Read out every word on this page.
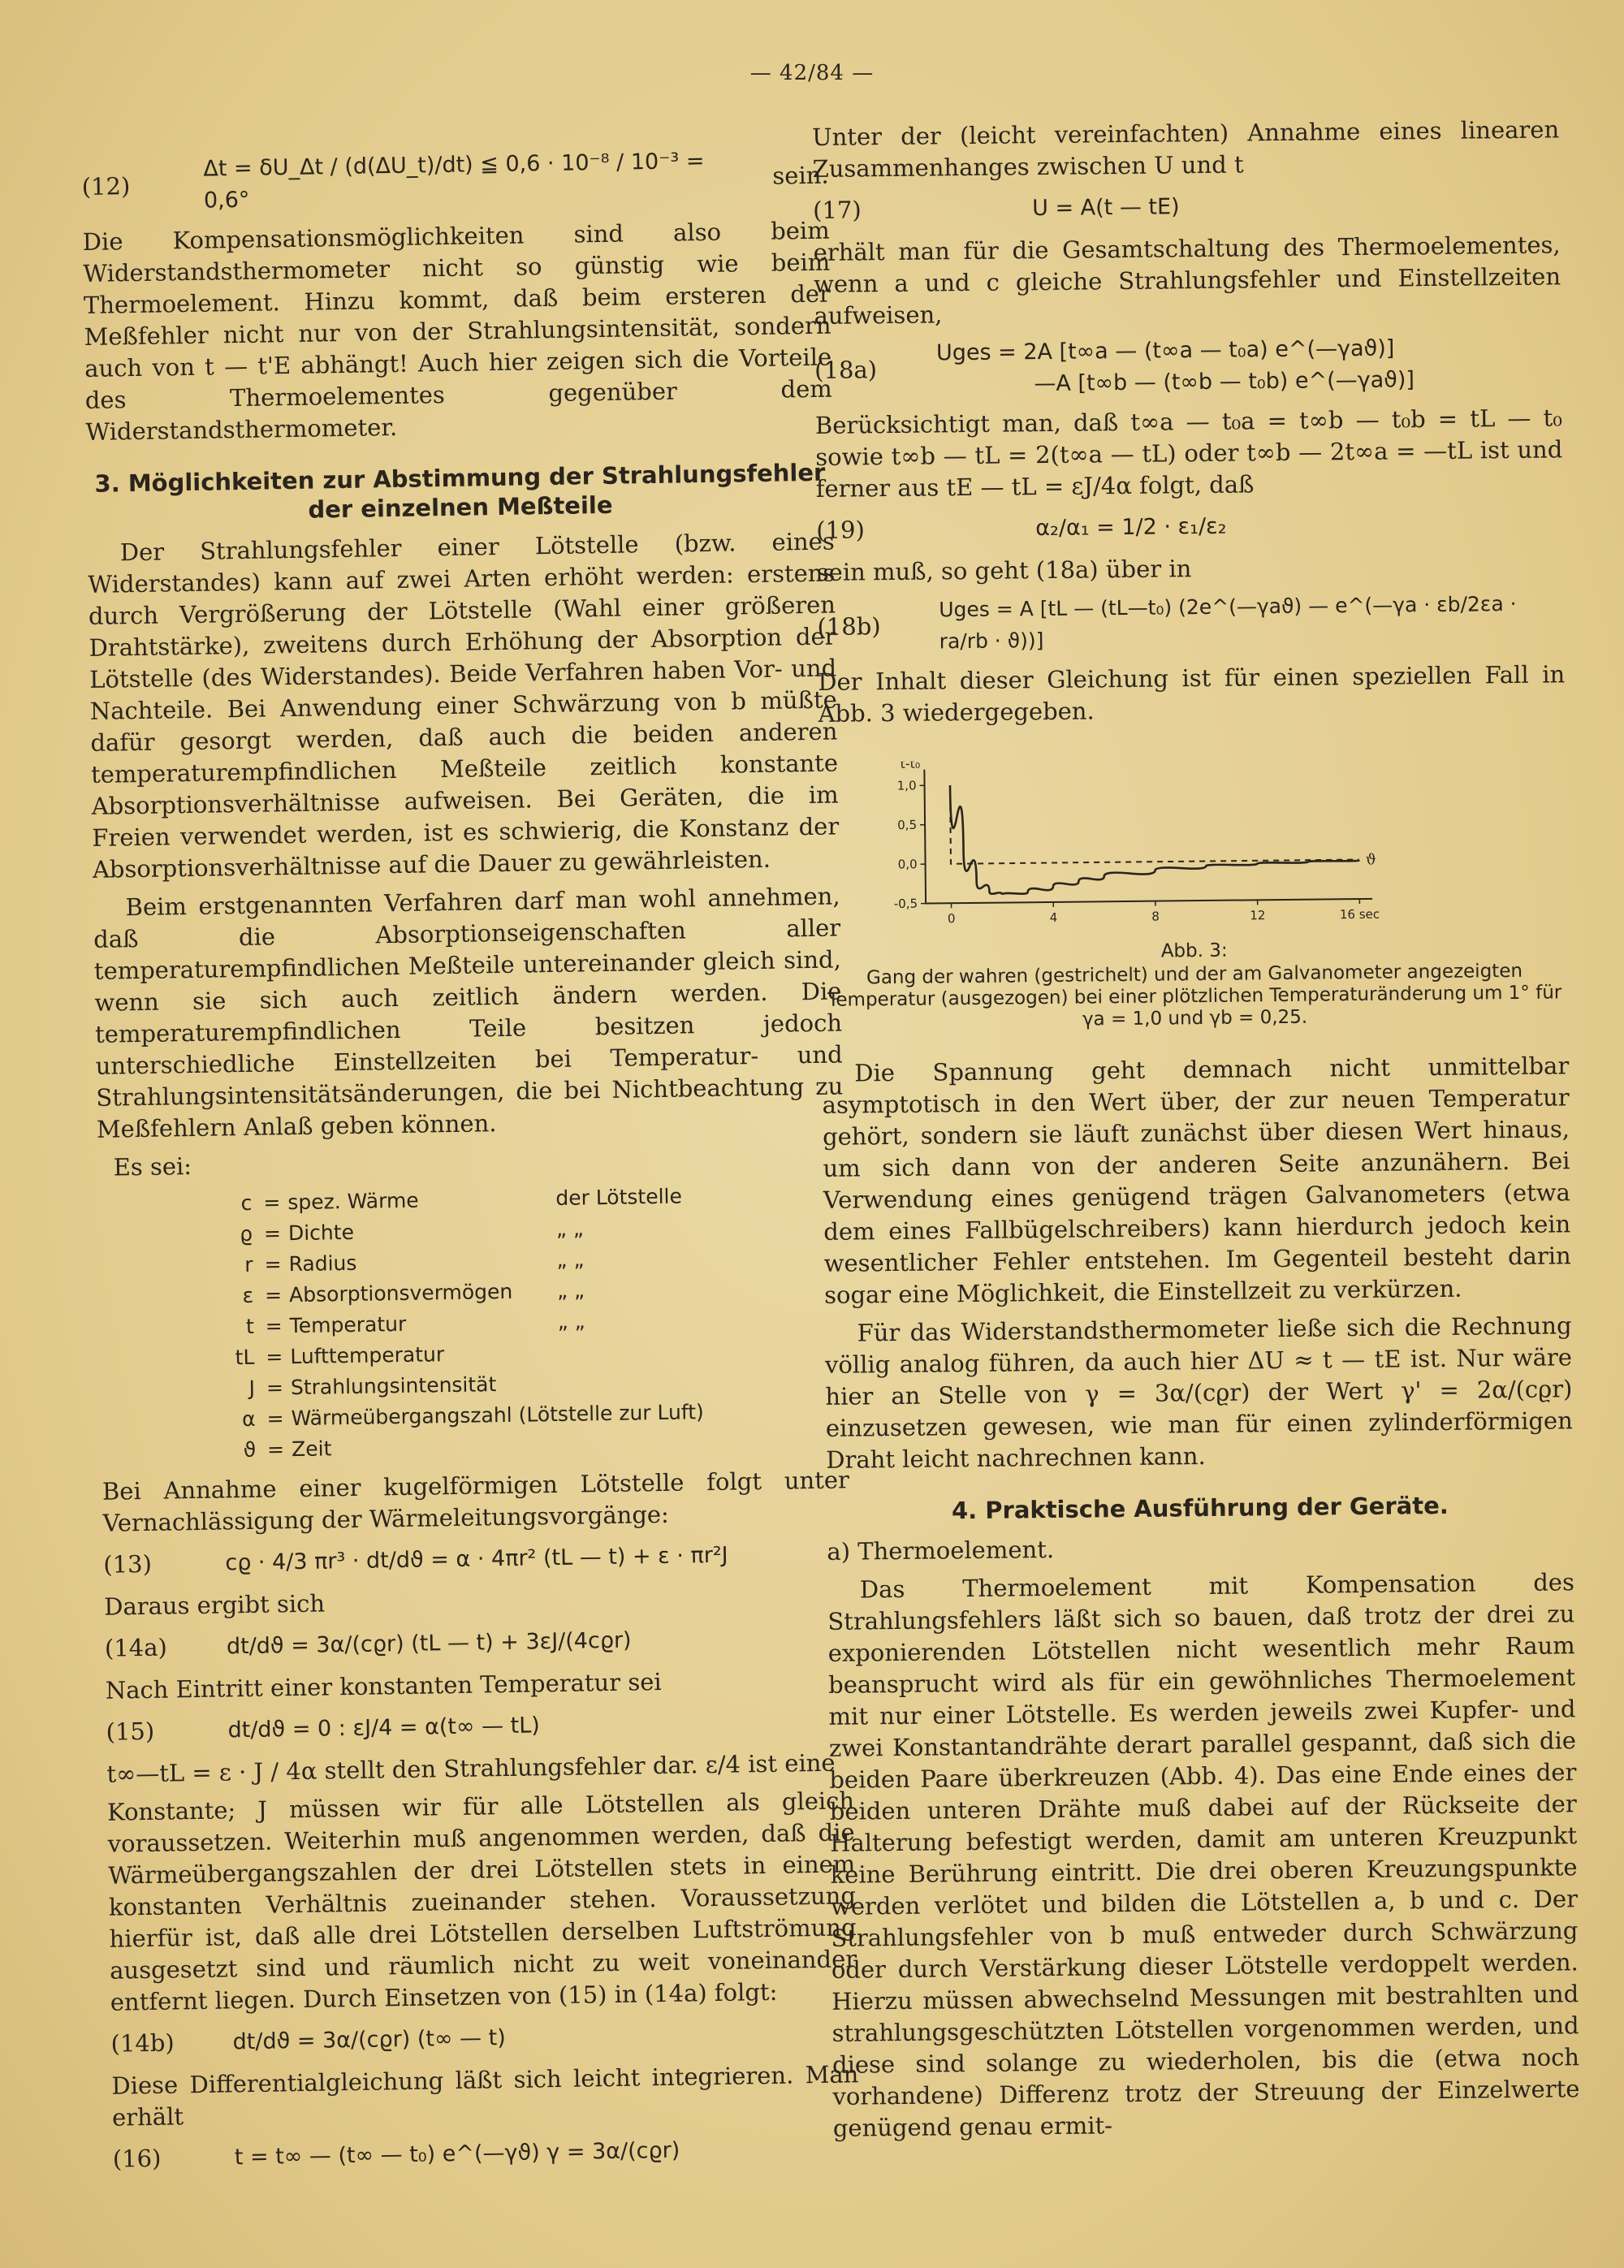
— 42/84 —
(12)
Δt = δU_Δt / (d(ΔU_t)/dt) ≦ 0,6 · 10⁻⁸ / 10⁻³ = 0,6°
sein.

Die Kompensationsmöglichkeiten sind also beim Widerstandsthermometer nicht so günstig wie beim Thermoelement. Hinzu kommt, daß beim ersteren der Meßfehler nicht nur von der Strahlungsintensität, sondern auch von t — t'E abhängt! Auch hier zeigen sich die Vorteile des Thermoelementes gegenüber dem Widerstandsthermometer.

3. Möglichkeiten zur Abstimmung der Strahlungsfehler der einzelnen Meßteile

Der Strahlungsfehler einer Lötstelle (bzw. eines Widerstandes) kann auf zwei Arten erhöht werden: erstens durch Vergrößerung der Lötstelle (Wahl einer größeren Drahtstärke), zweitens durch Erhöhung der Absorption der Lötstelle (des Widerstandes). Beide Verfahren haben Vor- und Nachteile. Bei Anwendung einer Schwärzung von b müßte dafür gesorgt werden, daß auch die beiden anderen temperaturempfindlichen Meßteile zeitlich konstante Absorptionsverhältnisse aufweisen. Bei Geräten, die im Freien verwendet werden, ist es schwierig, die Konstanz der Absorptionsverhältnisse auf die Dauer zu gewährleisten.

Beim erstgenannten Verfahren darf man wohl annehmen, daß die Absorptionseigenschaften aller temperaturempfindlichen Meßteile untereinander gleich sind, wenn sie sich auch zeitlich ändern werden. Die temperaturempfindlichen Teile besitzen jedoch unterschiedliche Einstellzeiten bei Temperatur- und Strahlungsintensitätsänderungen, die bei Nichtbeachtung zu Meßfehlern Anlaß geben können.

Es sei:

c = spez. Wärme	der Lötstelle
ϱ = Dichte	„ „
r = Radius	„ „
ε = Absorptionsvermögen	„ „
t = Temperatur	„ „
tL = Lufttemperatur
J = Strahlungsintensität
α = Wärmeübergangszahl (Lötstelle zur Luft)
ϑ = Zeit

Bei Annahme einer kugelförmigen Lötstelle folgt unter Vernachlässigung der Wärmeleitungsvorgänge:

(13)	cϱ · 4/3 πr³ · dt/dϑ = α · 4πr² (tL — t) + ε · πr²J

Daraus ergibt sich

(14a)	dt/dϑ = 3α/(cϱr) (tL — t) + 3εJ/(4cϱr)

Nach Eintritt einer konstanten Temperatur sei

(15)	dt/dϑ = 0 : εJ/4 = α(t∞ — tL)

t∞—tL = ε · J / 4α stellt den Strahlungsfehler dar. ε/4 ist eine

Konstante; J müssen wir für alle Lötstellen als gleich voraussetzen. Weiterhin muß angenommen werden, daß die Wärmeübergangszahlen der drei Lötstellen stets in einem konstanten Verhältnis zueinander stehen. Voraussetzung hierfür ist, daß alle drei Lötstellen derselben Luftströmung ausgesetzt sind und räumlich nicht zu weit voneinander entfernt liegen. Durch Einsetzen von (15) in (14a) folgt:

(14b)	dt/dϑ = 3α/(cϱr) (t∞ — t)

Diese Differentialgleichung läßt sich leicht integrieren. Man erhält

(16)	t = t∞ — (t∞ — t₀) e^(—γϑ) γ = 3α/(cϱr)

Unter der (leicht vereinfachten) Annahme eines linearen Zusammenhanges zwischen U und t

(17)	U = A(t — tE)

erhält man für die Gesamtschaltung des Thermoelementes, wenn a und c gleiche Strahlungsfehler und Einstellzeiten aufweisen,

(18a)
Uges = 2A [t∞a — (t∞a — t₀a) e^(—γaϑ)]
—A [t∞b — (t∞b — t₀b) e^(—γaϑ)]

Berücksichtigt man, daß t∞a — t₀a = t∞b — t₀b = tL — t₀ sowie t∞b — tL = 2(t∞a — tL) oder t∞b — 2t∞a = —tL ist und ferner aus tE — tL = εJ/4α folgt, daß

(19)	α₂/α₁ = 1/2 · ε₁/ε₂

sein muß, so geht (18a) über in

(18b)
Uges = A [tL — (tL—t₀) (2e^(—γaϑ) — e^(—γa · εb/2εa · ra/rb · ϑ))]

Der Inhalt dieser Gleichung ist für einen speziellen Fall in Abb. 3 wiedergegeben.

t-t₀
-0,5
0,0
0,5
1,0
0	4	8	12	16 sec
ϑ
Abb. 3:
Gang der wahren (gestrichelt) und der am Galvanometer angezeigten Temperatur (ausgezogen) bei einer plötzlichen Temperaturänderung um 1° für γa = 1,0 und γb = 0,25.

Die Spannung geht demnach nicht unmittelbar asymptotisch in den Wert über, der zur neuen Temperatur gehört, sondern sie läuft zunächst über diesen Wert hinaus, um sich dann von der anderen Seite anzunähern. Bei Verwendung eines genügend trägen Galvanometers (etwa dem eines Fallbügelschreibers) kann hierdurch jedoch kein wesentlicher Fehler entstehen. Im Gegenteil besteht darin sogar eine Möglichkeit, die Einstellzeit zu verkürzen.

Für das Widerstandsthermometer ließe sich die Rechnung völlig analog führen, da auch hier ΔU ≈ t — tE ist. Nur wäre hier an Stelle von γ = 3α/(cϱr) der Wert γ' = 2α/(cϱr) einzusetzen gewesen, wie man für einen zylinderförmigen Draht leicht nachrechnen kann.

4. Praktische Ausführung der Geräte.

a) Thermoelement.

Das Thermoelement mit Kompensation des Strahlungsfehlers läßt sich so bauen, daß trotz der drei zu exponierenden Lötstellen nicht wesentlich mehr Raum beansprucht wird als für ein gewöhnliches Thermoelement mit nur einer Lötstelle. Es werden jeweils zwei Kupfer- und zwei Konstantandrähte derart parallel gespannt, daß sich die beiden Paare überkreuzen (Abb. 4). Das eine Ende eines der beiden unteren Drähte muß dabei auf der Rückseite der Halterung befestigt werden, damit am unteren Kreuzpunkt keine Berührung eintritt. Die drei oberen Kreuzungspunkte werden verlötet und bilden die Lötstellen a, b und c. Der Strahlungsfehler von b muß entweder durch Schwärzung oder durch Verstärkung dieser Lötstelle verdoppelt werden. Hierzu müssen abwechselnd Messungen mit bestrahlten und strahlungsgeschützten Lötstellen vorgenommen werden, und diese sind solange zu wiederholen, bis die (etwa noch vorhandene) Differenz trotz der Streuung der Einzelwerte genügend genau ermit-
